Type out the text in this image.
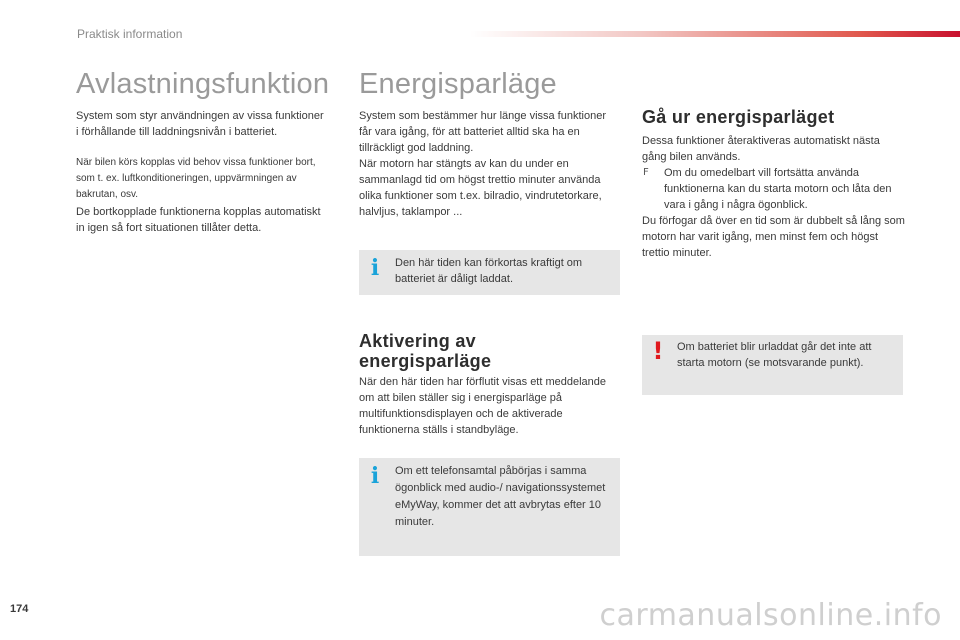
Praktisk information
Avlastningsfunktion

System som styr användningen av vissa funktioner i förhållande till laddningsnivån i batteriet.

När bilen körs kopplas vid behov vissa funktioner bort, som t. ex. luftkonditioneringen, uppvärmningen av bakrutan, osv.

De bortkopplade funktionerna kopplas automatiskt in igen så fort situationen tillåter detta.

Energisparläge

System som bestämmer hur länge vissa funktioner får vara igång, för att batteriet alltid ska ha en tillräckligt god laddning.

När motorn har stängts av kan du under en sammanlagd tid om högst trettio minuter använda olika funktioner som t.ex. bilradio, vindrutetorkare, halvljus, taklampor ...

i Den här tiden kan förkortas kraftigt om batteriet är dåligt laddat.

Aktivering av
energisparläge

När den här tiden har förflutit visas ett meddelande om att bilen ställer sig i energisparläge på multifunktionsdisplayen och de aktiverade funktionerna ställs i standbyläge.

i Om ett telefonsamtal påbörjas i samma ögonblick med audio-/ navigationssystemet eMyWay, kommer det att avbrytas efter 10 minuter.

Gå ur energisparläget

Dessa funktioner återaktiveras automatiskt nästa gång bilen används.

F Om du omedelbart vill fortsätta använda funktionerna kan du starta motorn och låta den vara i gång i några ögonblick.

Du förfogar då över en tid som är dubbelt så lång som motorn har varit igång, men minst fem och högst trettio minuter.

! Om batteriet blir urladdat går det inte att starta motorn (se motsvarande punkt).

174	carmanualsonline.info
